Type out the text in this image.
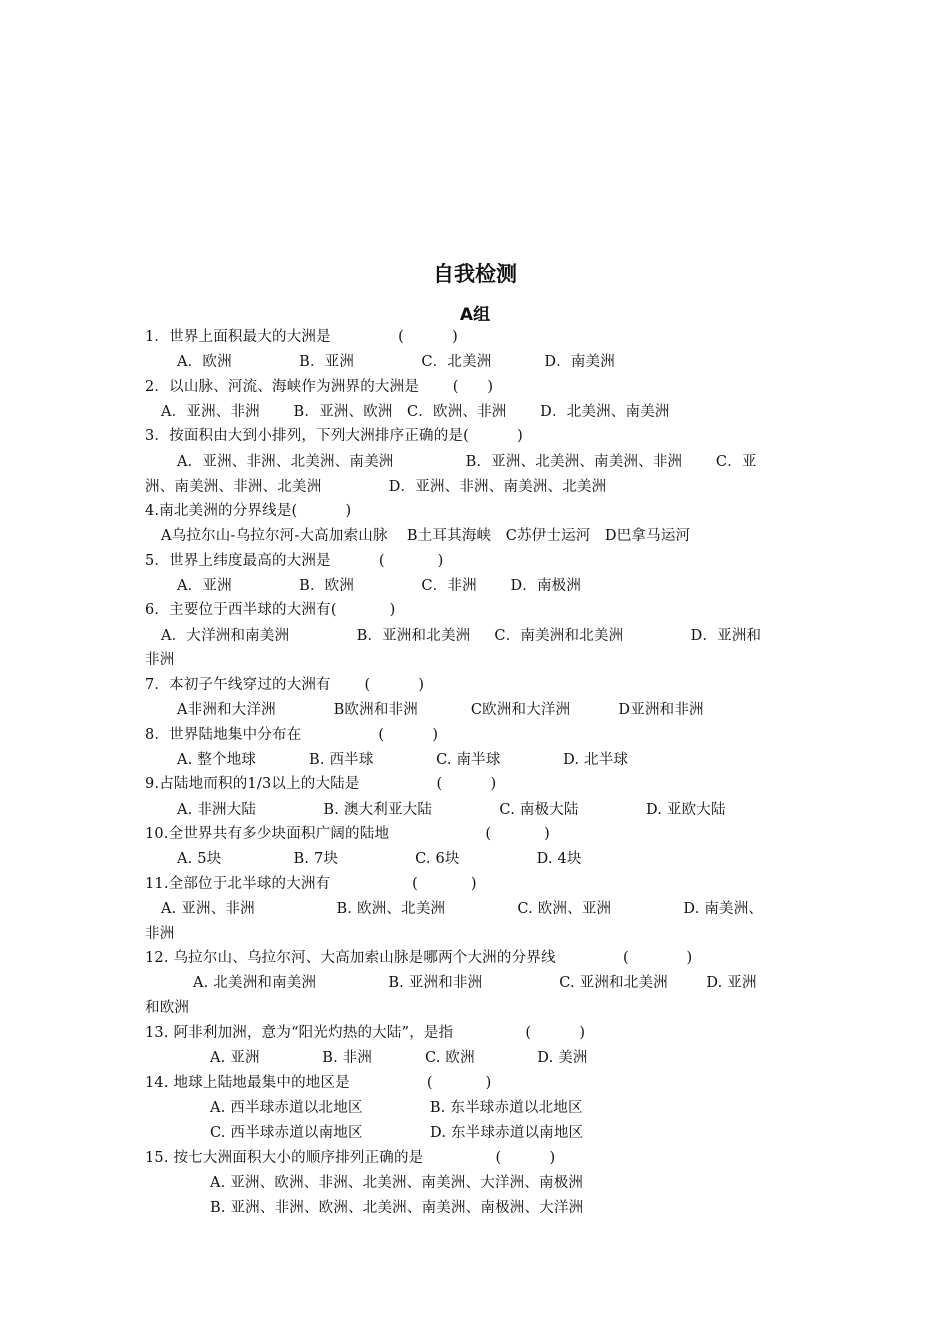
自我检测
A组
1．世界上面积最大的大洲是              (          )
A．欧洲              B．亚洲              C．北美洲           D．南美洲
2．以山脉、河流、海峡作为洲界的大洲是       (      )
A．亚洲、非洲       B．亚洲、欧洲   C．欧洲、非洲       D．北美洲、南美洲
3．按面积由大到小排列，下列大洲排序正确的是(          )
A．亚洲、非洲、北美洲、南美洲               B．亚洲、北美洲、南美洲、非洲       C．亚
洲、南美洲、非洲、北美洲              D．亚洲、非洲、南美洲、北美洲
4.南北美洲的分界线是(          )
A乌拉尔山-乌拉尔河-大高加索山脉    B土耳其海峡   C苏伊士运河   D巴拿马运河
5．世界上纬度最高的大洲是          (           )
A．亚洲              B．欧洲              C．非洲       D．南极洲
6．主要位于西半球的大洲有(           )
A．大洋洲和南美洲              B．亚洲和北美洲     C．南美洲和北美洲              D．亚洲和
非洲
7．本初子午线穿过的大洲有       (          )
A非洲和大洋洲            B欧洲和非洲           C欧洲和大洋洲          D亚洲和非洲
8．世界陆地集中分布在                (          )
A. 整个地球           B. 西半球             C. 南半球             D. 北半球
9.占陆地而积的1/3以上的大陆是                (          )
A. 非洲大陆              B. 澳大利亚大陆              C. 南极大陆              D. 亚欧大陆
10.全世界共有多少块面积广阔的陆地                    (           )
A. 5块               B. 7块                C. 6块                D. 4块
11.全部位于北半球的大洲有                 (           )
A. 亚洲、非洲                 B. 欧洲、北美洲               C. 欧洲、亚洲               D. 南美洲、
非洲
12. 乌拉尔山、乌拉尔河、大高加索山脉是哪两个大洲的分界线              (            )
A. 北美洲和南美洲               B. 亚洲和非洲                C. 亚洲和北美洲        D. 亚洲
和欧洲
13. 阿非利加洲，意为“阳光灼热的大陆”，是指               (          )
A. 亚洲             B. 非洲           C. 欧洲             D. 美洲
14. 地球上陆地最集中的地区是                (           )
A. 西半球赤道以北地区              B. 东半球赤道以北地区
C. 西半球赤道以南地区              D. 东半球赤道以南地区
15. 按七大洲面积大小的顺序排列正确的是               (          )
A. 亚洲、欧洲、非洲、北美洲、南美洲、大洋洲、南极洲
B. 亚洲、非洲、欧洲、北美洲、南美洲、南极洲、大洋洲
